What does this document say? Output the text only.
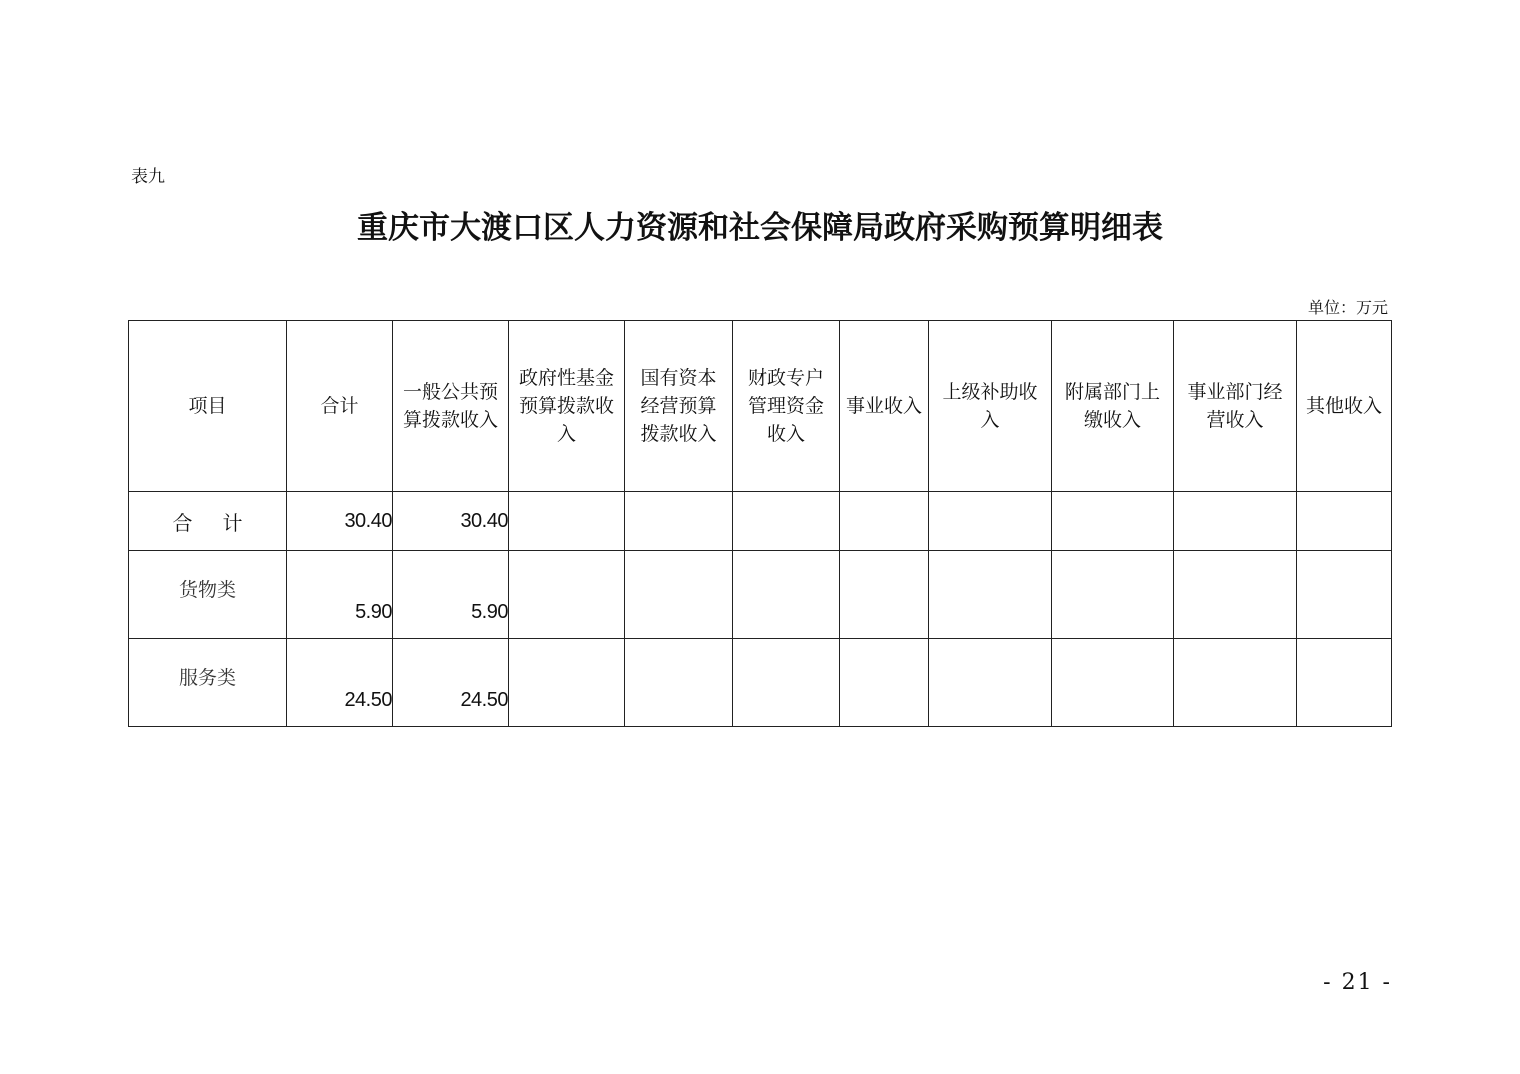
表九
重庆市大渡口区人力资源和社会保障局政府采购预算明细表
单位：万元
项目	合计	一般公共预算拨款收入	政府性基金预算拨款收入	国有资本经营预算拨款收入	财政专户管理资金收入	事业收入	上级补助收入	附属部门上缴收入	事业部门经营收入	其他收入

合计	30.40	30.40								
货物类	5.90	5.90								
服务类	24.50	24.50								
- 21 -
